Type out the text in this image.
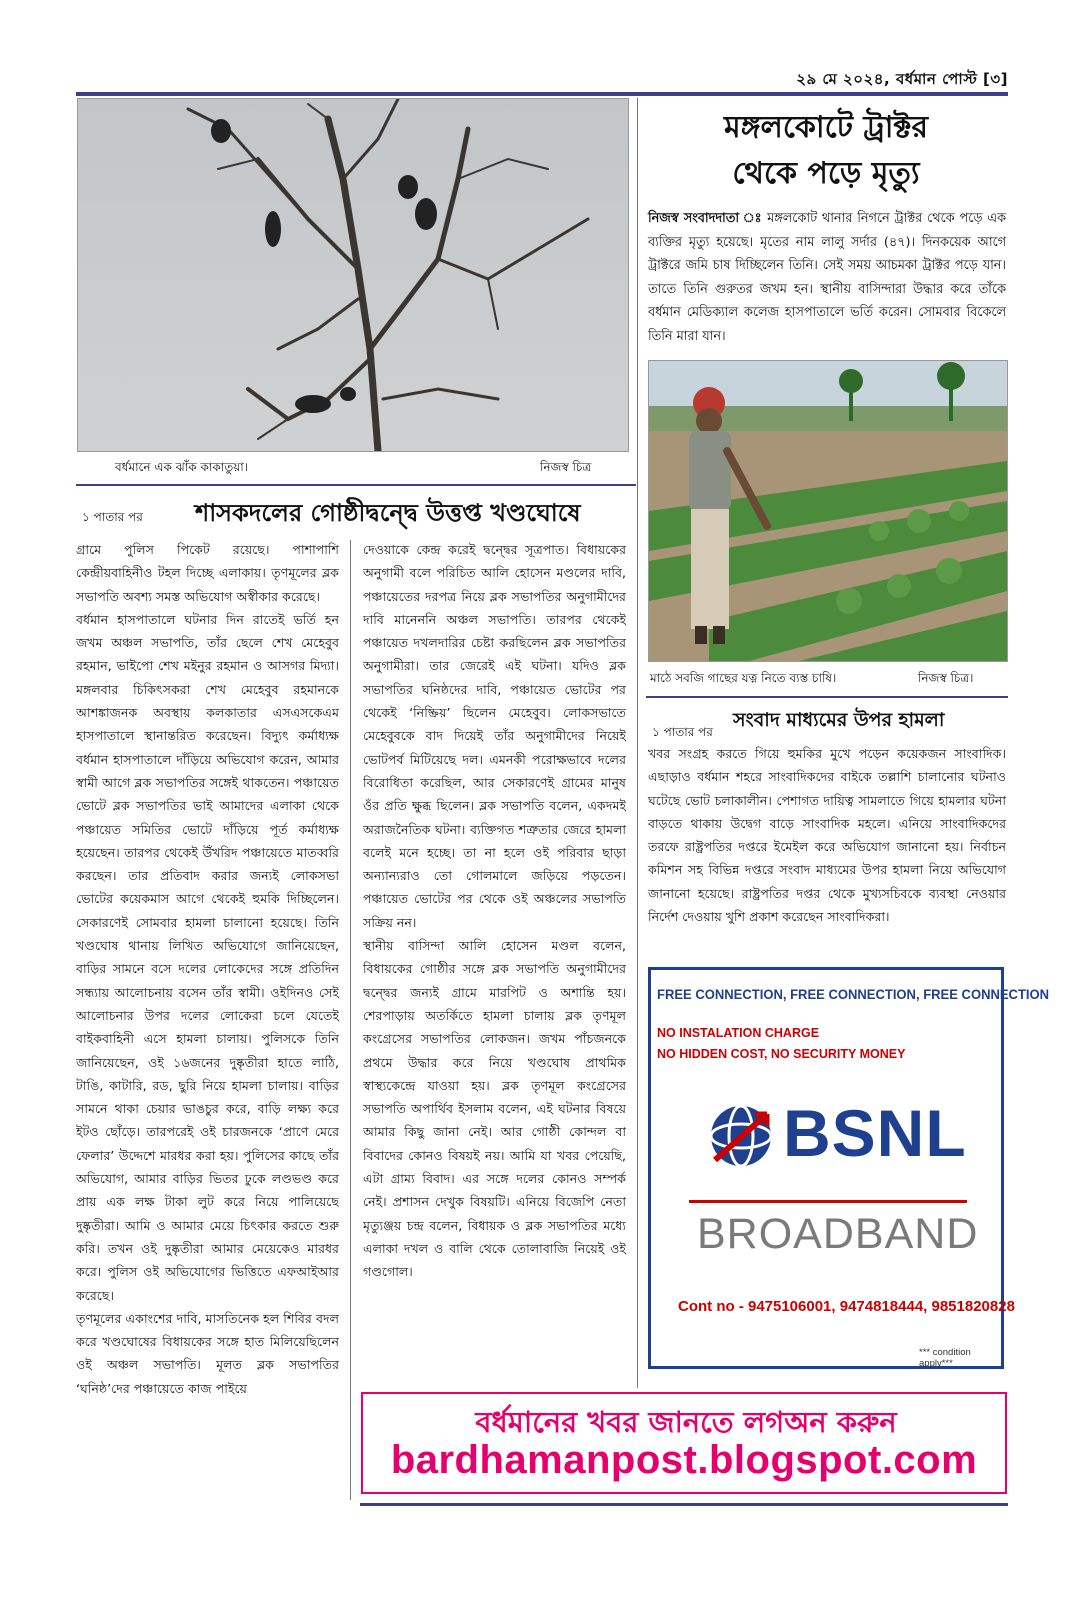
২৯ মে ২০২৪, বর্ধমান পোস্ট [৩]
বর্ধমানে এক ঝাঁক কাকাতুয়া।	নিজস্ব চিত্র
১ পাতার পর শাসকদলের গোষ্ঠীদ্বন্দ্বে উত্তপ্ত খণ্ডঘোষে

গ্রামে পুলিস পিকেট রয়েছে। পাশাপাশি কেন্দ্রীয়বাহিনীও টহল দিচ্ছে এলাকায়। তৃণমূলের ব্লক সভাপতি অবশ্য সমস্ত অভিযোগ অস্বীকার করেছে।

বর্ধমান হাসপাতালে ঘটনার দিন রাতেই ভর্তি হন জখম অঞ্চল সভাপতি, তাঁর ছেলে শেখ মেহেবুব রহমান, ভাইপো শেখ মইনুর রহমান ও আসগর মিদ্যা। মঙ্গলবার চিকিৎসকরা শেখ মেহেবুব রহমানকে আশঙ্কাজনক অবস্থায় কলকাতার এসএসকেএম হাসপাতালে স্থানান্তরিত করেছেন। বিদ্যুৎ কর্মাধ্যক্ষ বর্ধমান হাসপাতালে দাঁড়িয়ে অভিযোগ করেন, আমার স্বামী আগে ব্লক সভাপতির সঙ্গেই থাকতেন। পঞ্চায়েত ভোটে ব্লক সভাপতির ভাই আমাদের এলাকা থেকে পঞ্চায়েত সমিতির ভোটে দাঁড়িয়ে পূর্ত কর্মাধ্যক্ষ হয়েছেন। তারপর থেকেই উঁখরিদ পঞ্চায়েতে মাতব্বরি করছেন। তার প্রতিবাদ করার জন্যই লোকসভা ভোটের কয়েকমাস আগে থেকেই হুমকি দিচ্ছিলেন। সেকারণেই সোমবার হামলা চালানো হয়েছে। তিনি খণ্ডঘোষ থানায় লিখিত অভিযোগে জানিয়েছেন, বাড়ির সামনে বসে দলের লোকেদের সঙ্গে প্রতিদিন সন্ধ্যায় আলোচনায় বসেন তাঁর স্বামী। ওইদিনও সেই আলোচনার উপর দলের লোকেরা চলে যেতেই বাইকবাহিনী এসে হামলা চালায়। পুলিসকে তিনি জানিয়েছেন, ওই ১৬জনের দুষ্কৃতীরা হাতে লাঠি, টাঙি, কাটারি, রড, ছুরি নিয়ে হামলা চালায়। বাড়ির সামনে থাকা চেয়ার ভাঙচুর করে, বাড়ি লক্ষ্য করে ইটও ছোঁড়ে। তারপরেই ওই চারজনকে ‘প্রাণে মেরে ফেলার’ উদ্দেশে মারধর করা হয়। পুলিসের কাছে তাঁর অভিযোগ, আমার বাড়ির ভিতর ঢুকে লণ্ডভণ্ড করে প্রায় এক লক্ষ টাকা লুট করে নিয়ে পালিয়েছে দুষ্কৃতীরা। আমি ও আমার মেয়ে চিৎকার করতে শুরু করি। তখন ওই দুষ্কৃতীরা আমার মেয়েকেও মারধর করে। পুলিস ওই অভিযোগের ভিত্তিতে এফআইআর করেছে।

তৃণমূলের একাংশের দাবি, মাসতিনেক হল শিবির বদল করে খণ্ডঘোষের বিধায়কের সঙ্গে হাত মিলিয়েছিলেন ওই অঞ্চল সভাপতি। মূলত ব্লক সভাপতির ‘ঘনিষ্ঠ’দের পঞ্চায়েতে কাজ পাইয়ে

দেওয়াকে কেন্দ্র করেই দ্বন্দ্বের সূত্রপাত। বিধায়কের অনুগামী বলে পরিচিত আলি হোসেন মণ্ডলের দাবি, পঞ্চায়েতের দরপত্র নিয়ে ব্লক সভাপতির অনুগামীদের দাবি মানেননি অঞ্চল সভাপতি। তারপর থেকেই পঞ্চায়েত দখলদারির চেষ্টা করছিলেন ব্লক সভাপতির অনুগামীরা। তার জেরেই এই ঘটনা। যদিও ব্লক সভাপতির ঘনিষ্ঠদের দাবি, পঞ্চায়েত ভোটের পর থেকেই ‘নিষ্ক্রিয়’ ছিলেন মেহেবুব। লোকসভাতে মেহেবুবকে বাদ দিয়েই তাঁর অনুগামীদের নিয়েই ভোটপর্ব মিটিয়েছে দল। এমনকী পরোক্ষভাবে দলের বিরোধিতা করেছিল, আর সেকারণেই গ্রামের মানুষ ওঁর প্রতি ক্ষুব্ধ ছিলেন। ব্লক সভাপতি বলেন, একদমই অরাজনৈতিক ঘটনা। ব্যক্তিগত শত্রুতার জেরে হামলা বলেই মনে হচ্ছে। তা না হলে ওই পরিবার ছাড়া অন্যান্যরাও তো গোলমালে জড়িয়ে পড়তেন। পঞ্চায়েত ভোটের পর থেকে ওই অঞ্চলের সভাপতি সক্রিয় নন।

স্থানীয় বাসিন্দা আলি হোসেন মণ্ডল বলেন, বিধায়কের গোষ্ঠীর সঙ্গে ব্লক সভাপতি অনুগামীদের দ্বন্দ্বের জন্যই গ্রামে মারপিট ও অশান্তি হয়। শেরপাড়ায় অতর্কিতে হামলা চালায় ব্লক তৃণমূল কংগ্রেসের সভাপতির লোকজন। জখম পাঁচজনকে প্রথমে উদ্ধার করে নিয়ে খণ্ডঘোষ প্রাথমিক স্বাস্থ্যকেন্দ্রে যাওয়া হয়। ব্লক তৃণমূল কংগ্রেসের সভাপতি অপার্থিব ইসলাম বলেন, এই ঘটনার বিষয়ে আমার কিছু জানা নেই। আর গোষ্ঠী কোন্দল বা বিবাদের কোনও বিষয়ই নয়। আমি যা খবর পেয়েছি, এটা গ্রাম্য বিবাদ। এর সঙ্গে দলের কোনও সম্পর্ক নেই। প্রশাসন দেখুক বিষয়টি। এনিয়ে বিজেপি নেতা মৃত্যুঞ্জয় চন্দ্র বলেন, বিধায়ক ও ব্লক সভাপতির মধ্যে এলাকা দখল ও বালি থেকে তোলাবাজি নিয়েই ওই গণ্ডগোল।

মঙ্গলকোটে ট্রাক্টর
থেকে পড়ে মৃত্যু
নিজস্ব সংবাদদাতা ঃ মঙ্গলকোট থানার নিগনে ট্রাক্টর থেকে পড়ে এক ব্যক্তির মৃত্যু হয়েছে। মৃতের নাম লালু সর্দার (৪৭)। দিনকয়েক আগে ট্রাক্টরে জমি চাষ দিচ্ছিলেন তিনি। সেই সময় আচমকা ট্রাক্টর পড়ে যান। তাতে তিনি গুরুতর জখম হন। স্থানীয় বাসিন্দারা উদ্ধার করে তাঁকে বর্ধমান মেডিক্যাল কলেজ হাসপাতালে ভর্তি করেন। সোমবার বিকেলে তিনি মারা যান।
মাঠে সবজি গাছের যত্ন নিতে ব্যস্ত চাষি।	নিজস্ব চিত্র।
১ পাতার পর
সংবাদ মাধ্যমের উপর হামলা
খবর সংগ্রহ করতে গিয়ে হুমকির মুখে পড়েন কয়েকজন সাংবাদিক। এছাড়াও বর্ধমান শহরে সাংবাদিকদের বাইকে তল্লাশি চালানোর ঘটনাও ঘটেছে ভোট চলাকালীন। পেশাগত দায়িত্ব সামলাতে গিয়ে হামলার ঘটনা বাড়তে থাকায় উদ্বেগ বাড়ে সাংবাদিক মহলে। এনিয়ে সাংবাদিকদের তরফে রাষ্ট্রপতির দপ্তরে ইমেইল করে অভিযোগ জানানো হয়। নির্বাচন কমিশন সহ বিভিন্ন দপ্তরে সংবাদ মাধ্যমের উপর হামলা নিয়ে অভিযোগ জানানো হয়েছে। রাষ্ট্রপতির দপ্তর থেকে মুখ্যসচিবকে ব্যবস্থা নেওয়ার নির্দেশ দেওয়ায় খুশি প্রকাশ করেছেন সাংবাদিকরা।
FREE CONNECTION, FREE CONNECTION, FREE CONNECTION
NO INSTALATION CHARGE
NO HIDDEN COST, NO SECURITY MONEY
BSNL
BROADBAND
Cont no - 9475106001, 9474818444, 9851820828
*** condition apply***
বর্ধমানের খবর জানতে লগঅন করুন
bardhamanpost.blogspot.com
